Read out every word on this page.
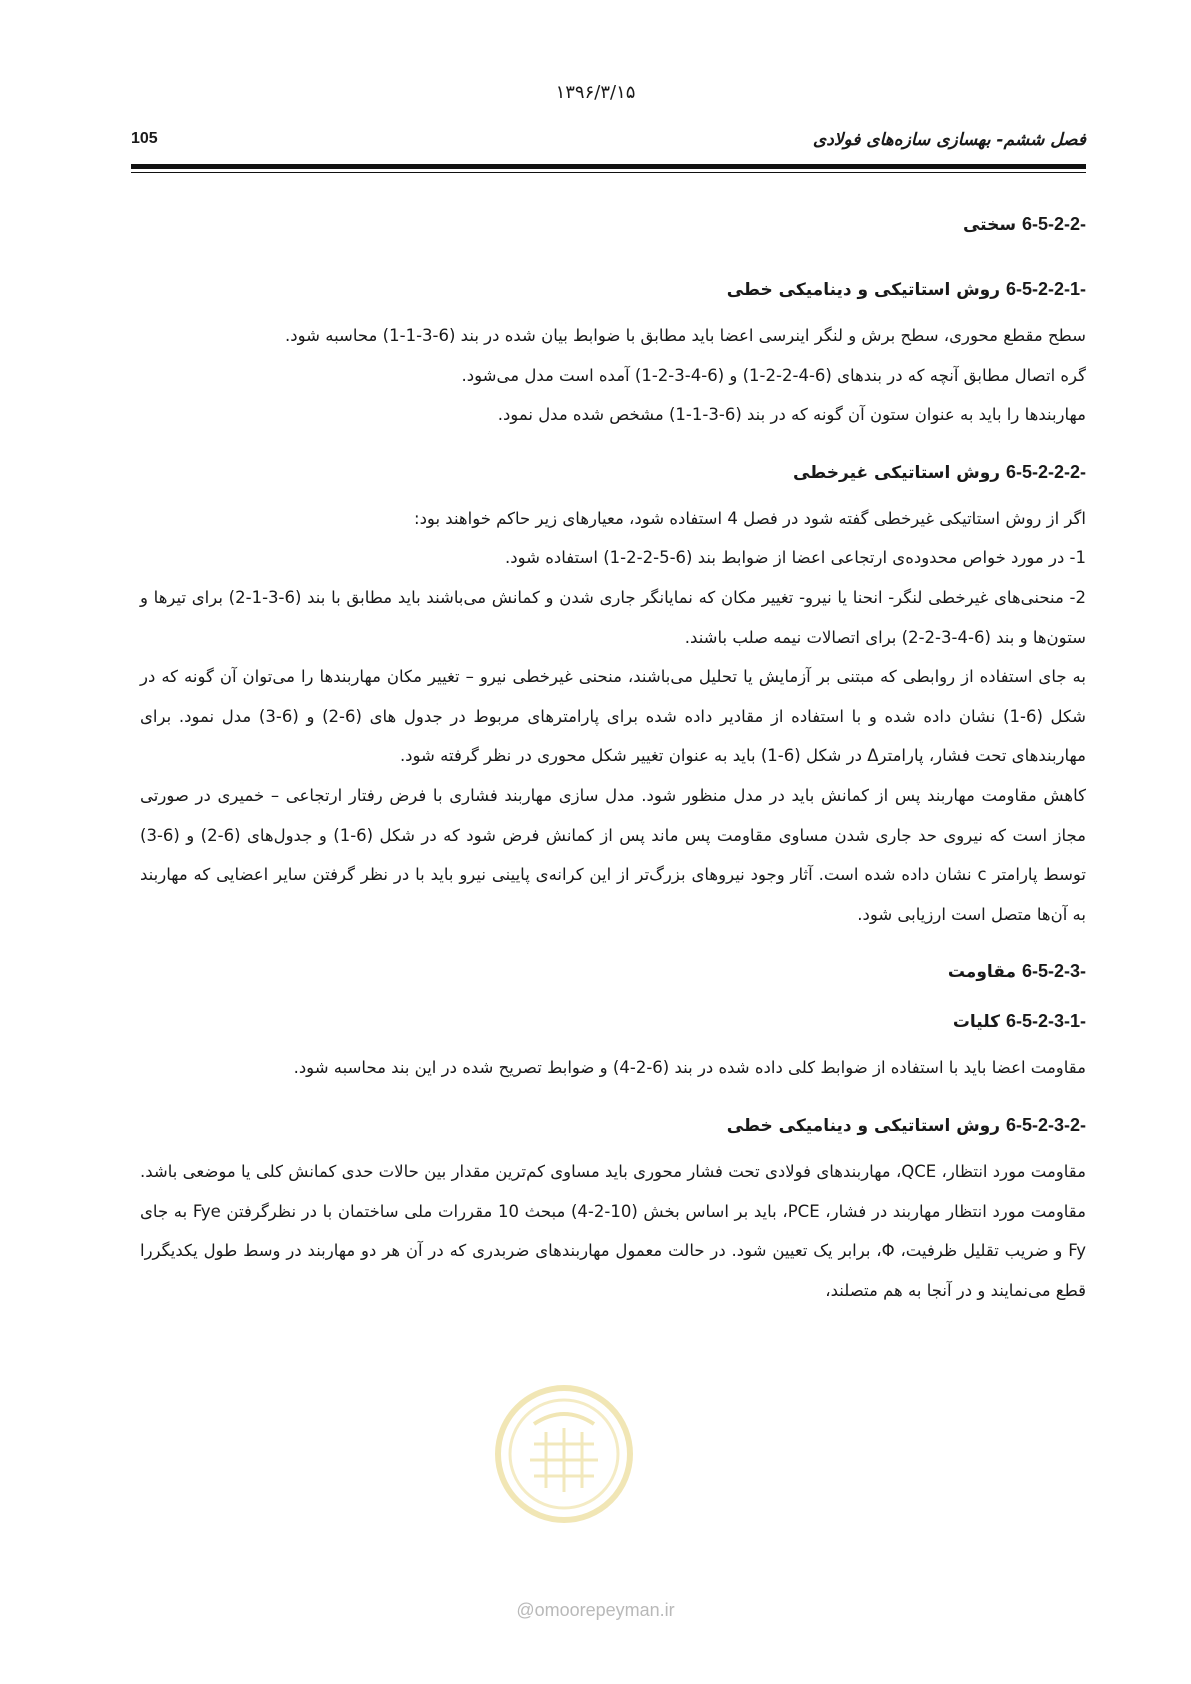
۱۳۹۶/۳/۱۵
105	فصل ششم- بهسازی سازه‌های فولادی
6-5-2-2- سختی
6-5-2-2-1- روش استاتیکی و دینامیکی خطی

سطح مقطع محوری، سطح برش و لنگر اینرسی اعضا باید مطابق با ضوابط بیان شده در بند (6-3-1-1) محاسبه شود.

گره اتصال مطابق آنچه که در بندهای (6-4-2-2-1) و (6-4-3-2-1) آمده است مدل می‌شود.

مهاربندها را باید به عنوان ستون آن گونه که در بند (6-3-1-1) مشخص شده مدل نمود.

6-5-2-2-2- روش استاتیکی غیرخطی

اگر از روش استاتیکی غیرخطی گفته شود در فصل 4 استفاده شود، معیارهای زیر حاکم خواهند بود:

1- در مورد خواص محدوده‌ی ارتجاعی اعضا از ضوابط بند (6-5-2-2-1) استفاده شود.

2- منحنی‌های غیرخطی لنگر- انحنا یا نیرو- تغییر مکان که نمایانگر جاری شدن و کمانش می‌باشند باید مطابق با بند (6-3-1-2) برای تیرها و ستون‌ها و بند (6-4-3-2-2) برای اتصالات نیمه صلب باشند.

به جای استفاده از روابطی که مبتنی بر آزمایش یا تحلیل می‌باشند، منحنی غیرخطی نیرو – تغییر مکان مهاربندها را می‌توان آن گونه که در شکل (6-1) نشان داده شده و با استفاده از مقادیر داده شده برای پارامترهای مربوط در جدول های (6-2) و (6-3) مدل نمود. برای مهاربندهای تحت فشار، پارامترΔ در شکل (6-1) باید به عنوان تغییر شکل محوری در نظر گرفته شود.

کاهش مقاومت مهاربند پس از کمانش باید در مدل منظور شود. مدل سازی مهاربند فشاری با فرض رفتار ارتجاعی – خمیری در صورتی مجاز است که نیروی حد جاری شدن مساوی مقاومت پس ماند پس از کمانش فرض شود که در شکل (6-1) و جدول‌های (6-2) و (6-3) توسط پارامتر c نشان داده شده است. آثار وجود نیروهای بزرگ‌تر از این کرانه‌ی پایینی نیرو باید با در نظر گرفتن سایر اعضایی که مهاربند به آن‌ها متصل است ارزیابی شود.

6-5-2-3- مقاومت
6-5-2-3-1- کلیات

مقاومت اعضا باید با استفاده از ضوابط کلی داده شده در بند (6-2-4) و ضوابط تصریح شده در این بند محاسبه شود.

6-5-2-3-2- روش استاتیکی و دینامیکی خطی

مقاومت مورد انتظار، QCE، مهاربندهای فولادی تحت فشار محوری باید مساوی کم‌ترین مقدار بین حالات حدی کمانش کلی یا موضعی باشد. مقاومت مورد انتظار مهاربند در فشار، PCE، باید بر اساس بخش (10-2-4) مبحث 10 مقررات ملی ساختمان با در نظرگرفتن Fye به جای Fy و ضریب تقلیل ظرفیت، Φ، برابر یک تعیین شود. در حالت معمول مهاربندهای ضربدری که در آن هر دو مهاربند در وسط طول یکدیگررا قطع می‌نمایند و در آنجا به هم متصلند،

@omoorepeyman.ir
